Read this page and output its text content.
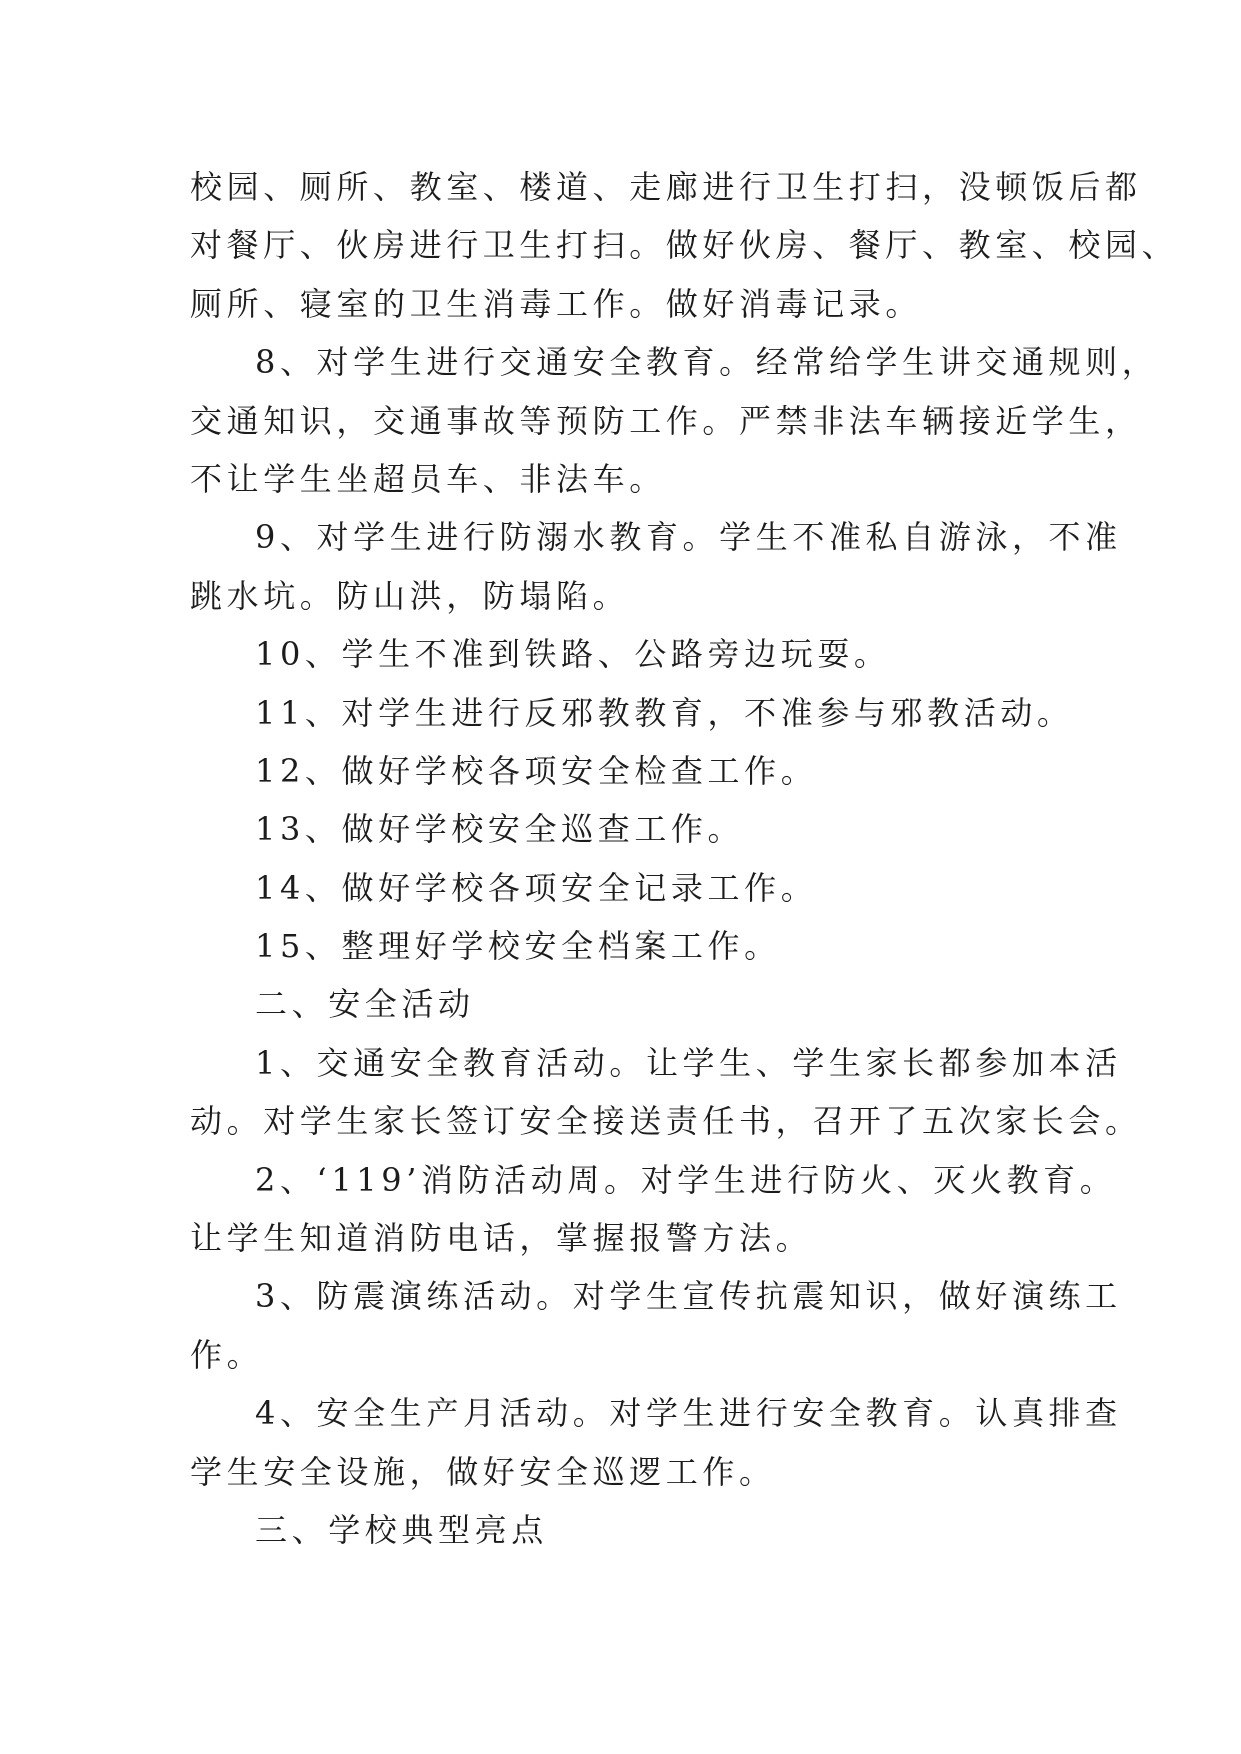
校园、厕所、教室、楼道、走廊进行卫生打扫，没顿饭后都
对餐厅、伙房进行卫生打扫。做好伙房、餐厅、教室、校园、
厕所、寝室的卫生消毒工作。做好消毒记录。
8、对学生进行交通安全教育。经常给学生讲交通规则，
交通知识，交通事故等预防工作。严禁非法车辆接近学生，
不让学生坐超员车、非法车。
9、对学生进行防溺水教育。学生不准私自游泳，不准
跳水坑。防山洪，防塌陷。
10、学生不准到铁路、公路旁边玩耍。
11、对学生进行反邪教教育，不准参与邪教活动。
12、做好学校各项安全检查工作。
13、做好学校安全巡查工作。
14、做好学校各项安全记录工作。
15、整理好学校安全档案工作。
二、安全活动
1、交通安全教育活动。让学生、学生家长都参加本活
动。对学生家长签订安全接送责任书，召开了五次家长会。
2、‘119’消防活动周。对学生进行防火、灭火教育。
让学生知道消防电话，掌握报警方法。
3、防震演练活动。对学生宣传抗震知识，做好演练工
作。
4、安全生产月活动。对学生进行安全教育。认真排查
学生安全设施，做好安全巡逻工作。
三、学校典型亮点
